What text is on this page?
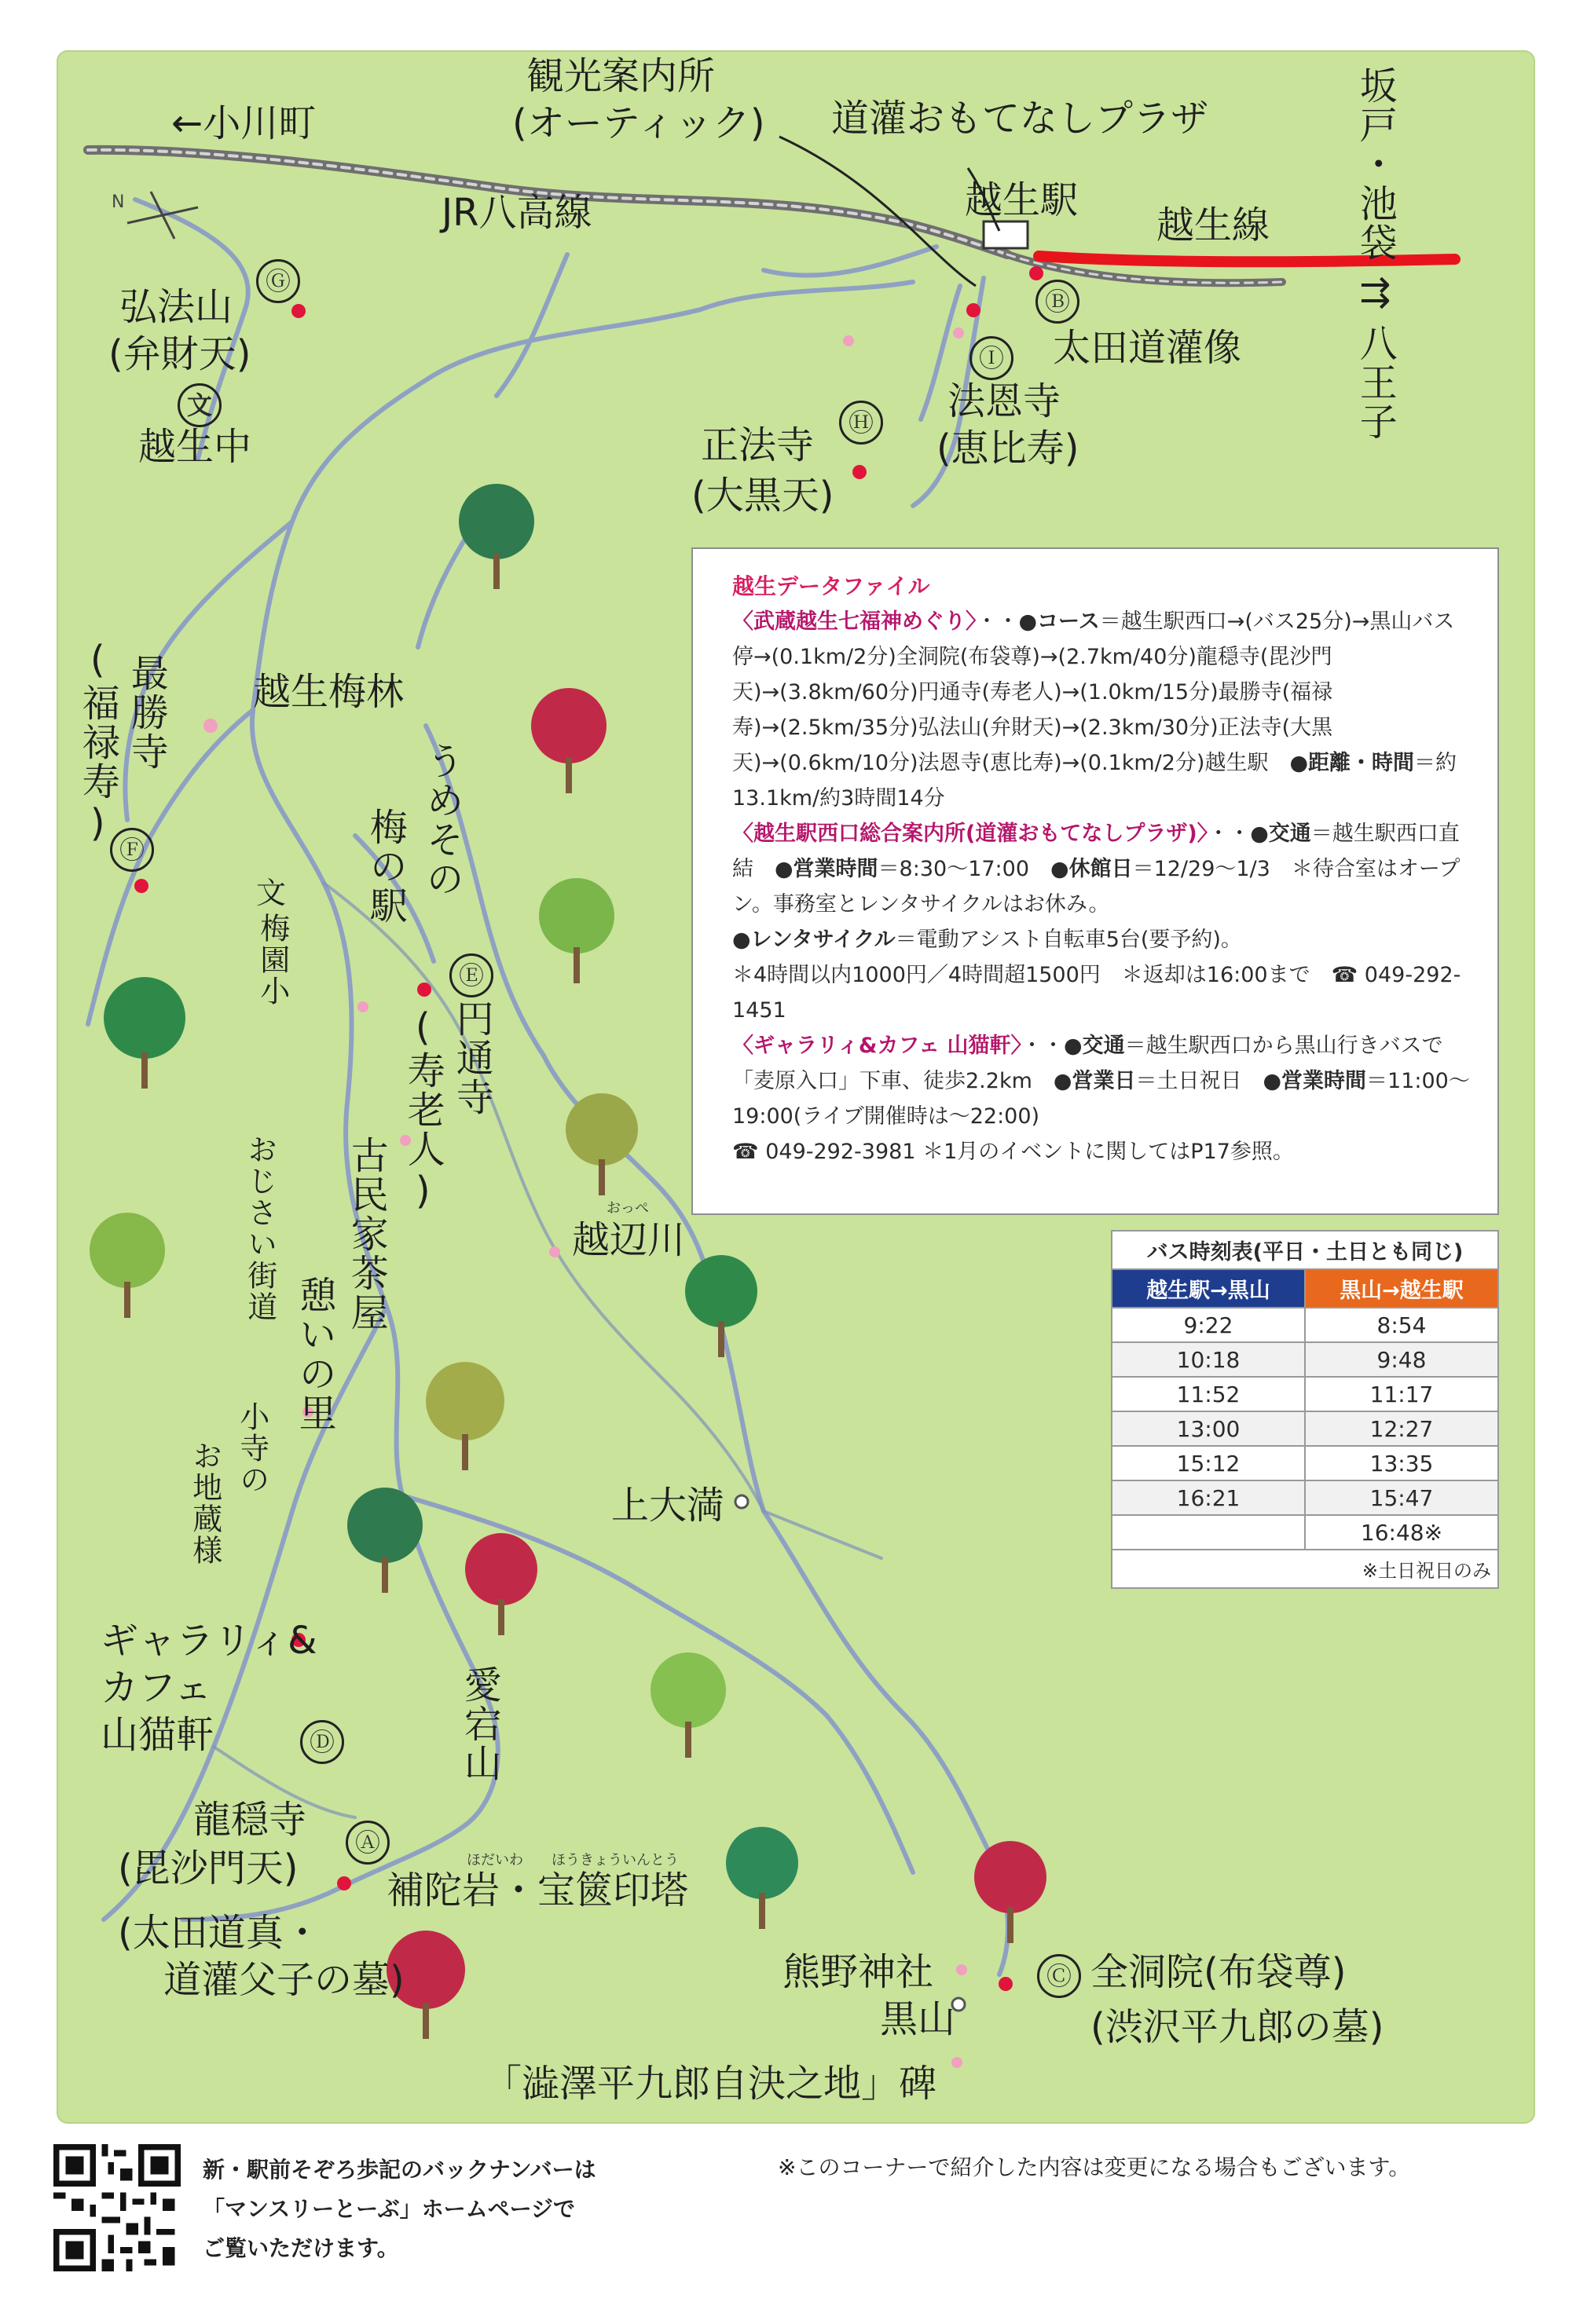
N
←小川町
観光案内所
(オーティック) 道灌おもてなしプラザ
越生駅
越生線
JR八高線	坂戸・池袋→
→八王子
Ⓖ
弘法山
(弁財天)
文
越生中
Ⓑ
太田道灌像
Ⓘ
法恩寺
(恵比寿)
Ⓗ
正法寺
(大黒天)
最勝寺
(福禄寿)
Ⓕ
越生梅林
うめその
梅の駅
Ⓔ
円通寺
(寿老人)
文
梅園小
おじさい街道 古民家茶屋
憩いの里
おっぺ
越辺川
小寺の
お地蔵様	上大満
ギャラリィ&
カフェ
山猫軒	Ⓓ	愛宕山
龍穏寺
Ⓐ
(毘沙門天)
(太田道真・
道灌父子の墓)
ほだいわ　　ほうきょういんとう
補陀岩・宝篋印塔
熊野神社
黒山
Ⓒ 全洞院(布袋尊)
(渋沢平九郎の墓)
「澁澤平九郎自決之地」碑
越生データファイル

〈武蔵越生七福神めぐり〉・・●コース＝越生駅西口→(バス25分)→黒山バス停→(0.1km/2分)全洞院(布袋尊)→(2.7km/40分)龍穏寺(毘沙門天)→(3.8km/60分)円通寺(寿老人)→(1.0km/15分)最勝寺(福禄寿)→(2.5km/35分)弘法山(弁財天)→(2.3km/30分)正法寺(大黒天)→(0.6km/10分)法恩寺(恵比寿)→(0.1km/2分)越生駅　 ●距離・時間＝約13.1km/約3時間14分

〈越生駅西口総合案内所(道灌おもてなしプラザ)〉・・●交通＝越生駅西口直結　 ●営業時間＝8:30〜17:00　 ●休館日＝12/29〜1/3　＊待合室はオープン。事務室とレンタサイクルはお休み。
●レンタサイクル＝電動アシスト自転車5台(要予約)。
＊4時間以内1000円／4時間超1500円　＊返却は16:00まで　☎ 049-292-1451

〈ギャラリィ&カフェ 山猫軒〉・・●交通＝越生駅西口から黒山行きバスで「麦原入口」下車、徒歩2.2km　 ●営業日＝土日祝日　 ●営業時間＝11:00〜19:00(ライブ開催時は〜22:00)
☎ 049-292-3981 ＊1月のイベントに関してはP17参照。

バス時刻表(平日・土日とも同じ)
越生駅→黒山	黒山→越生駅
9:22	8:54
10:18	9:48
11:52	11:17
13:00	12:27
15:12	13:35
16:21	15:47
	16:48※
※土日祝日のみ
新・駅前そぞろ歩記のバックナンバーは
「マンスリーとーぶ」ホームページで
ご覧いただけます。
※このコーナーで紹介した内容は変更になる場合もございます。
